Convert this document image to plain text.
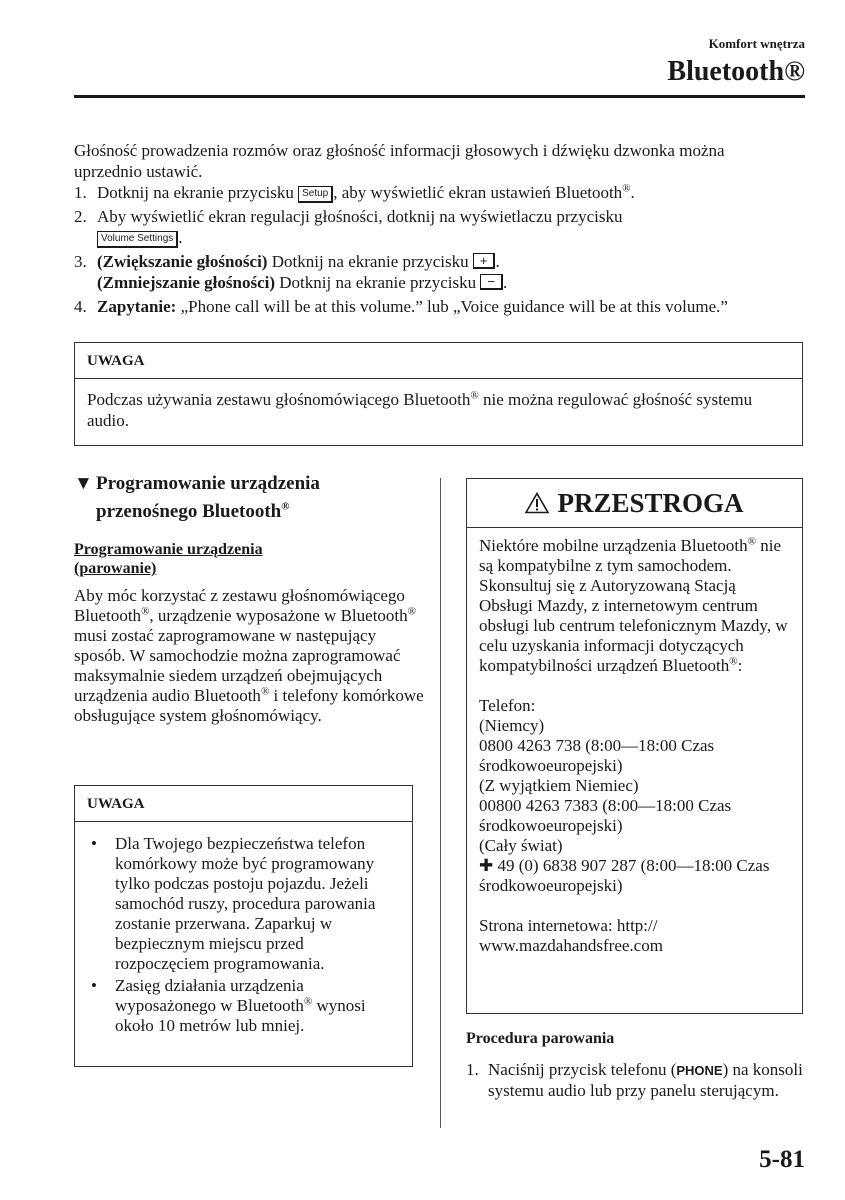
Komfort wnętrza
Bluetooth®
Głośność prowadzenia rozmów oraz głośność informacji głosowych i dźwięku dzwonka można uprzednio ustawić.
1. Dotknij na ekranie przycisku Setup , aby wyświetlić ekran ustawień Bluetooth®.
2. Aby wyświetlić ekran regulacji głośności, dotknij na wyświetlaczu przycisku
Volume Settings .
3. (Zwiększanie głośności) Dotknij na ekranie przycisku + .
(Zmniejszanie głośności) Dotknij na ekranie przycisku − .
4. Zapytanie: „Phone call will be at this volume.” lub „Voice guidance will be at this volume.”
UWAGA
Podczas używania zestawu głośnomówiącego Bluetooth® nie można regulować głośność systemu audio.
▼ Programowanie urządzenia
przenośnego Bluetooth®
Programowanie urządzenia (parowanie)
Aby móc korzystać z zestawu głośnomówiącego Bluetooth®, urządzenie wyposażone w Bluetooth® musi zostać zaprogramowane w następujący sposób. W samochodzie można zaprogramować maksymalnie siedem urządzeń obejmujących urządzenia audio Bluetooth® i telefony komórkowe obsługujące system głośnomówiący.
UWAGA
•	Dla Twojego bezpieczeństwa telefon komórkowy może być programowany tylko podczas postoju pojazdu. Jeżeli samochód ruszy, procedura parowania zostanie przerwana. Zaparkuj w bezpiecznym miejscu przed rozpoczęciem programowania.
•	Zasięg działania urządzenia wyposażonego w Bluetooth® wynosi około 10 metrów lub mniej.
PRZESTROGA
Niektóre mobilne urządzenia Bluetooth® nie są kompatybilne z tym samochodem.

Skonsultuj się z Autoryzowaną Stacją Obsługi Mazdy, z internetowym centrum obsługi lub centrum telefonicznym Mazdy, w celu uzyskania informacji dotyczących kompatybilności urządzeń Bluetooth®:

Telefon:
(Niemcy)
0800 4263 738 (8:00—18:00 Czas środkowoeuropejski)
(Z wyjątkiem Niemiec)
00800 4263 7383 (8:00—18:00 Czas środkowoeuropejski)
(Cały świat)
✚ 49 (0) 6838 907 287 (8:00—18:00 Czas środkowoeuropejski)

Strona internetowa: http:// www.mazdahandsfree.com
Procedura parowania
1. Naciśnij przycisk telefonu (PHONE) na konsoli systemu audio lub przy panelu sterującym.
5-81
